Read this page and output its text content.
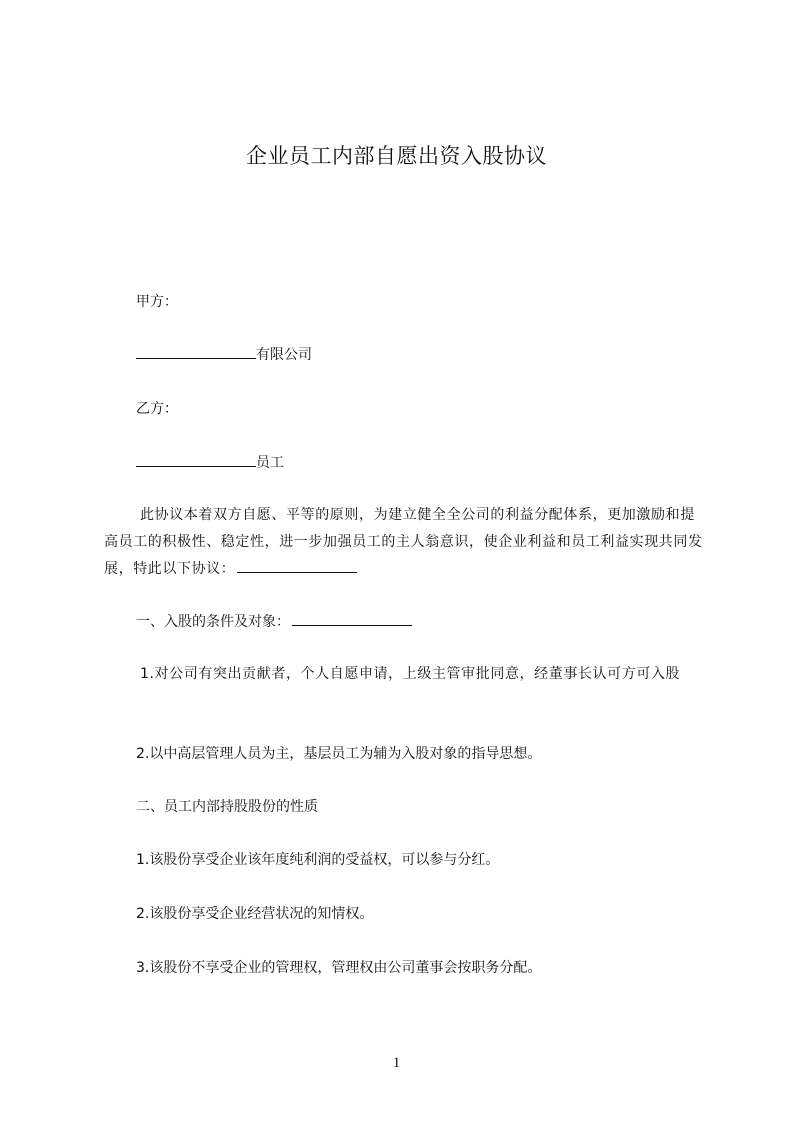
企业员工内部自愿出资入股协议
甲方：
有限公司
乙方：
员工
此协议本着双方自愿、平等的原则，为建立健全全公司的利益分配体系，更加激励和提高员工的积极性、稳定性，进一步加强员工的主人翁意识，使企业利益和员工利益实现共同发展，特此以下协议：
一、入股的条件及对象：
1.对公司有突出贡献者，个人自愿申请，上级主管审批同意，经董事长认可方可入股
2.以中高层管理人员为主，基层员工为辅为入股对象的指导思想。
二、员工内部持股股份的性质
1.该股份享受企业该年度纯利润的受益权，可以参与分红。
2.该股份享受企业经营状况的知情权。
3.该股份不享受企业的管理权，管理权由公司董事会按职务分配。
1
